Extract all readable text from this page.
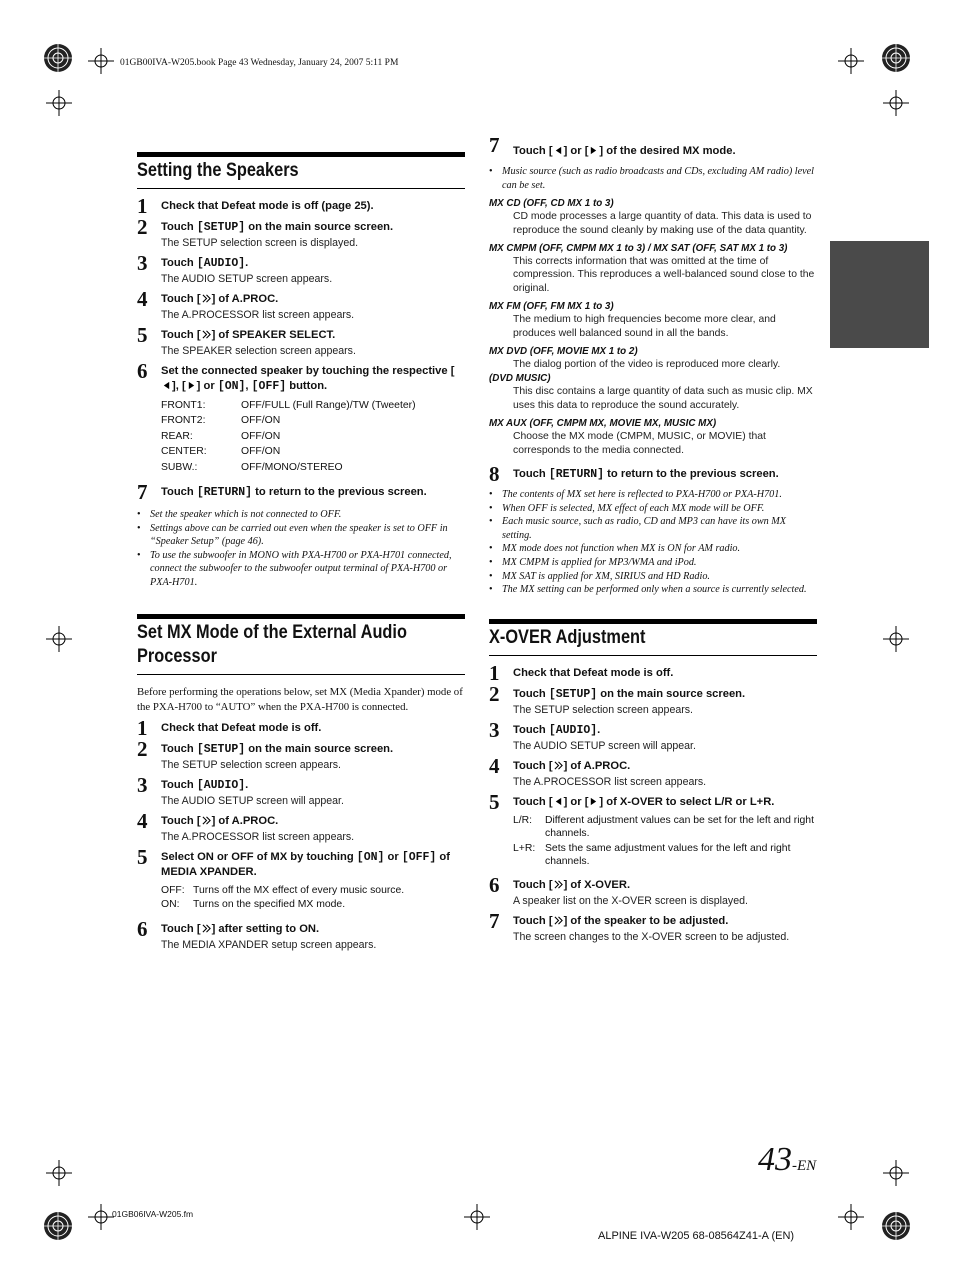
01GB00IVA-W205.book Page 43 Wednesday, January 24, 2007 5:11 PM
Setting the Speakers
1 Check that Defeat mode is off (page 25).
2 Touch [SETUP] on the main source screen.
The SETUP selection screen is displayed.
3 Touch [AUDIO].
The AUDIO SETUP screen appears.
4 Touch [ ] of A.PROC.
The A.PROCESSOR list screen appears.
5 Touch [ ] of SPEAKER SELECT.
The SPEAKER selection screen appears.
6 Set the connected speaker by touching the respective [
], [ ] or [ON], [OFF] button.
FRONT1:	OFF/FULL (Full Range)/TW (Tweeter)
FRONT2:	OFF/ON
REAR:	OFF/ON
CENTER:	OFF/ON
SUBW.:	OFF/MONO/STEREO
7 Touch [RETURN] to return to the previous screen.
• Set the speaker which is not connected to OFF.
• Settings above can be carried out even when the speaker is set to OFF in “Speaker Setup” (page 46).
• To use the subwoofer in MONO with PXA-H700 or PXA-H701 connected, connect the subwoofer to the subwoofer output terminal of PXA-H700 or PXA-H701.
Set MX Mode of the External Audio
Processor
Before performing the operations below, set MX (Media Xpander) mode of the PXA-H700 to “AUTO” when the PXA-H700 is connected.
1 Check that Defeat mode is off.
2 Touch [SETUP] on the main source screen.
The SETUP selection screen appears.
3 Touch [AUDIO].
The AUDIO SETUP screen will appear.
4 Touch [ ] of A.PROC.
The A.PROCESSOR list screen appears.
5 Select ON or OFF of MX by touching [ON] or [OFF] of MEDIA XPANDER.
OFF: Turns off the MX effect of every music source.
ON:	Turns on the specified MX mode.
6 Touch [ ] after setting to ON.
The MEDIA XPANDER setup screen appears.
7 Touch [ ] or [ ] of the desired MX mode.
• Music source (such as radio broadcasts and CDs, excluding AM radio) level can be set.
MX CD (OFF, CD MX 1 to 3)
CD mode processes a large quantity of data. This data is used to reproduce the sound cleanly by making use of the data quantity.
MX CMPM (OFF, CMPM MX 1 to 3) / MX SAT (OFF, SAT MX 1 to 3)
This corrects information that was omitted at the time of compression. This reproduces a well-balanced sound close to the original.
MX FM (OFF, FM MX 1 to 3)
The medium to high frequencies become more clear, and produces well balanced sound in all the bands.
MX DVD (OFF, MOVIE MX 1 to 2)
The dialog portion of the video is reproduced more clearly.
(DVD MUSIC)
This disc contains a large quantity of data such as music clip. MX uses this data to reproduce the sound accurately.
MX AUX (OFF, CMPM MX, MOVIE MX, MUSIC MX)
Choose the MX mode (CMPM, MUSIC, or MOVIE) that corresponds to the media connected.
8 Touch [RETURN] to return to the previous screen.
• The contents of MX set here is reflected to PXA-H700 or PXA-H701.
• When OFF is selected, MX effect of each MX mode will be OFF.
• Each music source, such as radio, CD and MP3 can have its own MX setting.
• MX mode does not function when MX is ON for AM radio.
• MX CMPM is applied for MP3/WMA and iPod.
• MX SAT is applied for XM, SIRIUS and HD Radio.
• The MX setting can be performed only when a source is currently selected.
X-OVER Adjustment
1 Check that Defeat mode is off.
2 Touch [SETUP] on the main source screen.
The SETUP selection screen appears.
3 Touch [AUDIO].
The AUDIO SETUP screen will appear.
4 Touch [ ] of A.PROC.
The A.PROCESSOR list screen appears.
5 Touch [ ] or [ ] of X-OVER to select L/R or L+R.
L/R:	Different adjustment values can be set for the left and right channels.
L+R: Sets the same adjustment values for the left and right channels.
6 Touch [ ] of X-OVER.
A speaker list on the X-OVER screen is displayed.
7 Touch [ ] of the speaker to be adjusted.
The screen changes to the X-OVER screen to be adjusted.
43-EN
01GB06IVA-W205.fm
ALPINE IVA-W205 68-08564Z41-A (EN)
